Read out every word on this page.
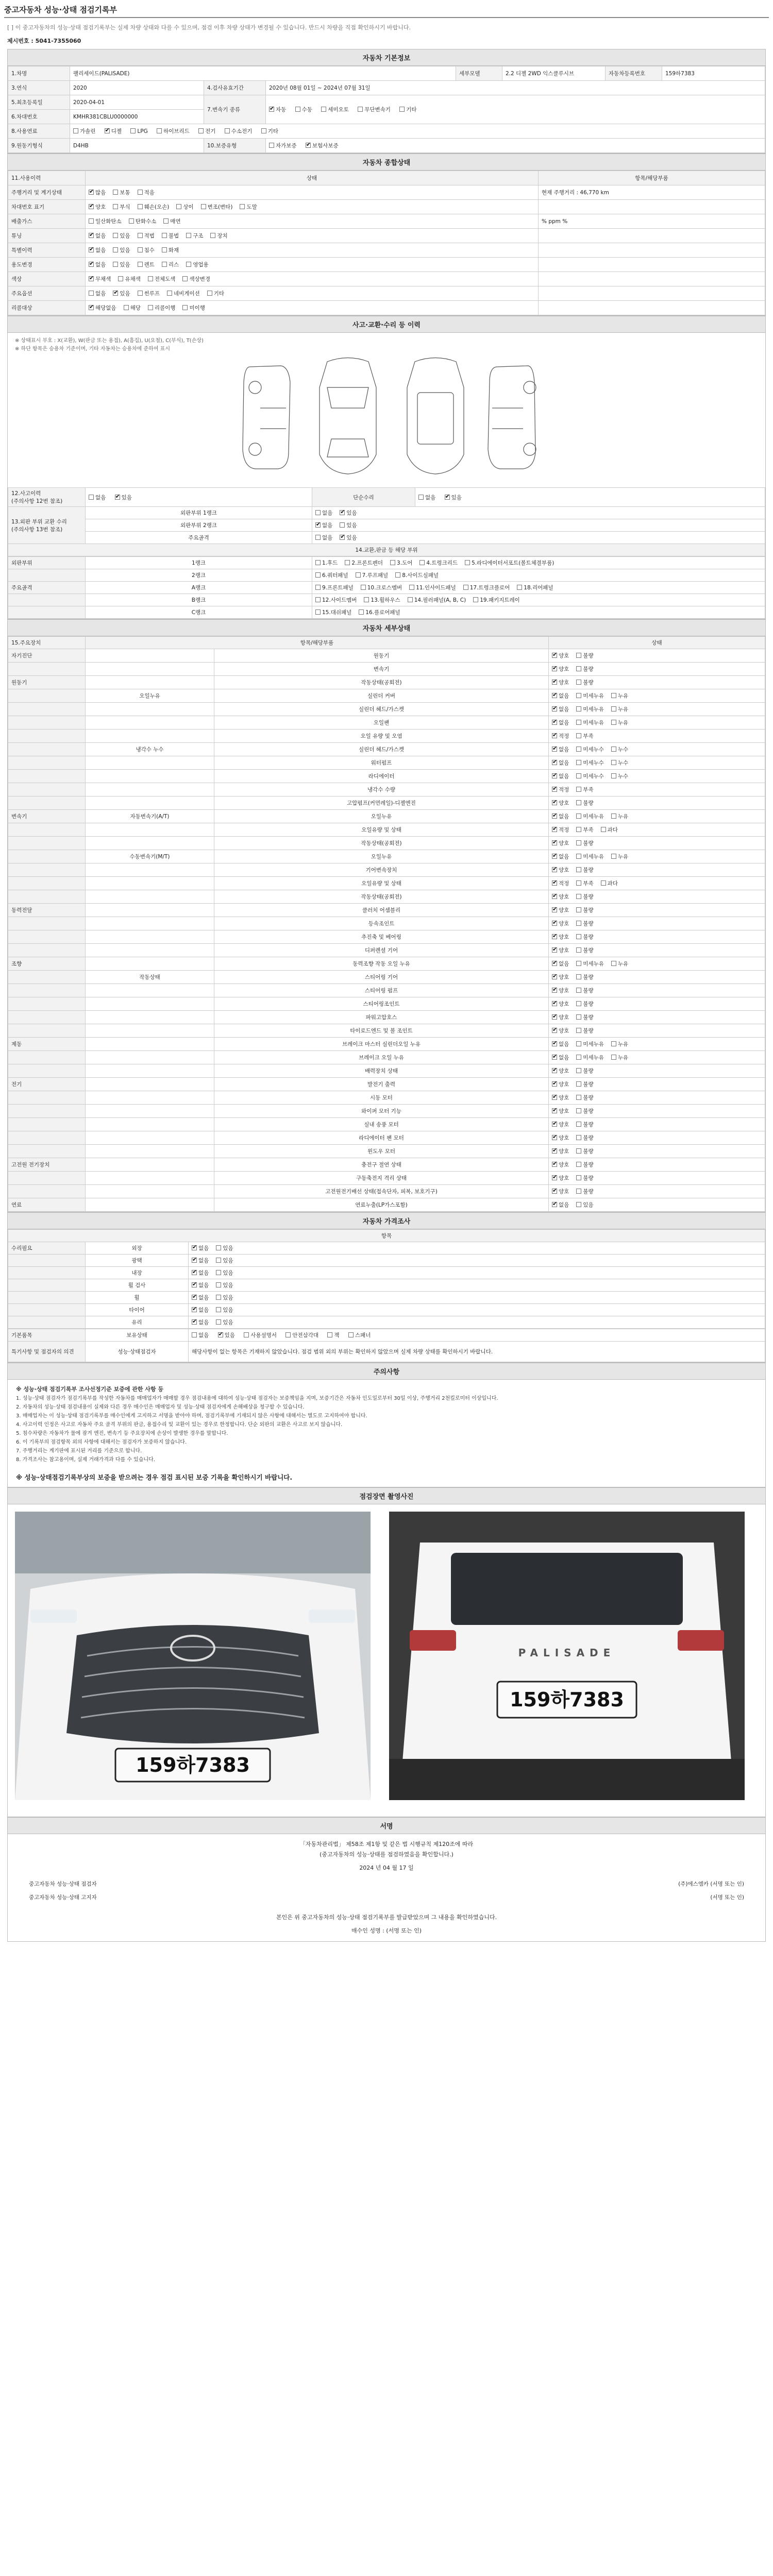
중고자동차 성능·상태 점검기록부
[ ] 이 중고자동차의 성능·상태 점검기록부는 실제 차량 상태와 다를 수 있으며, 점검 이후 차량 상태가 변경될 수 있습니다. 반드시 차량을 직접 확인하시기 바랍니다.
제시번호 : 5041-7355060
자동차 기본정보
1.차명	팰리세이드(PALISADE)			세부모델	2.2 디젤 2WD 익스클루시브	자동차등록번호	159하7383
3.연식	2020	4.검사유효기간	2020년 08월 01일 ~ 2024년 07월 31일				
5.최초등록일	2020-04-01	7.변속기 종류	✔자동 수동 세미오토 무단변속기 기타
6.차대번호	KMHR381CBLU0000000						
8.사용연료	가솔린 ✔ 디젤 LPG 하이브리드 전기 수소전기 기타
9.원동기형식	D4HB	10.보증유형	자가보증 ✔ 보험사보증
자동차 종합상태
11.사용이력	상태	항목/해당부품
주행거리 및 계기상태	✔많음 보통 적음	현재 주행거리 : 46,770 km
차대번호 표기	✔양호 부식 훼손(오손) 상이 변조(변타) 도말	
배출가스	일산화탄소 탄화수소 매연	% ppm %
튜닝	✔없음 있음 적법 불법 구조 장치	
특별이력	✔없음 있음 침수 화재	
용도변경	✔없음 있음 렌트 리스 영업용	
색상	✔무채색 유채색 전체도색 색상변경	
주요옵션	없음 ✔ 있음 썬루프 네비게이션 기타	
리콜대상	✔해당없음 해당 리콜이행 미이행	
사고·교환·수리 등 이력
※ 상태표시 부호 : X(교환), W(판금 또는 용접), A(흠집), U(요철), C(부식), T(손상)
※ 하단 항목은 승용차 기준이며, 기타 자동차는 승용차에 준하여 표시
12.사고이력
(주의사항 12번 참조)	없음 ✔ 있음	단순수리	없음 ✔ 있음
13.외판 부위 교환 수리
(주의사항 13번 참조)	외판부위 1랭크	없음 ✔ 있음
	외판부위 2랭크	✔없음 있음
	주요골격	없음 ✔ 있음
14.교환,판금 등 해당 부위			
외판부위	1랭크	1.후드 2.프론트펜더 3.도어 4.트렁크리드 5.라디에이터서포트(볼트체결부품)
	2랭크	6.쿼터패널 7.루프패널 8.사이드실패널
주요골격	A랭크	9.프론트패널 10.크로스멤버 11.인사이드패널 17.트렁크플로어 18.리어패널
	B랭크	12.사이드멤버 13.휠하우스 14.필러패널(A, B, C) 19.패키지트레이
	C랭크	15.대쉬패널 16.플로어패널
자동차 세부상태
15.주요장치	항목/해당부품		상태
자기진단		원동기	✔양호 불량
		변속기	✔양호 불량
원동기		작동상태(공회전)	✔양호 불량
	오일누유	실린더 커버	✔없음 미세누유 누유
		실린더 헤드/가스켓	✔없음 미세누유 누유
		오일팬	✔없음 미세누유 누유
		오일 유량 및 오염	✔적정 부족
	냉각수 누수	실린더 헤드/가스켓	✔없음 미세누수 누수
		워터펌프	✔없음 미세누수 누수
		라디에이터	✔없음 미세누수 누수
		냉각수 수량	✔적정 부족
		고압펌프(커먼레일)-디젤엔진	✔양호 불량
변속기	자동변속기(A/T)	오일누유	✔없음 미세누유 누유
		오일유량 및 상태	✔적정 부족 과다
		작동상태(공회전)	✔양호 불량
	수동변속기(M/T)	오일누유	✔없음 미세누유 누유
		기어변속장치	✔양호 불량
		오일유량 및 상태	✔적정 부족 과다
		작동상태(공회전)	✔양호 불량
동력전달		클러치 어셈블리	✔양호 불량
		등속조인트	✔양호 불량
		추진축 및 베어링	✔양호 불량
		디퍼렌셜 기어	✔양호 불량
조향		동력조향 작동 오일 누유	✔없음 미세누유 누유
	작동상태	스티어링 기어	✔양호 불량
		스티어링 펌프	✔양호 불량
		스티어링조인트	✔양호 불량
		파워고압호스	✔양호 불량
		타이로드엔드 및 볼 조인트	✔양호 불량
제동		브레이크 마스터 실린더오일 누유	✔없음 미세누유 누유
		브레이크 오일 누유	✔없음 미세누유 누유
		배력장치 상태	✔양호 불량
전기		발전기 출력	✔양호 불량
		시동 모터	✔양호 불량
		와이퍼 모터 기능	✔양호 불량
		실내 송풍 모터	✔양호 불량
		라디에이터 팬 모터	✔양호 불량
		윈도우 모터	✔양호 불량
고전원 전기장치		충전구 절연 상태	✔양호 불량
		구동축전지 격리 상태	✔양호 불량
		고전원전기배선 상태(접속단자, 피복, 보호기구)	✔양호 불량
연료		연료누출(LP가스포함)	✔없음 있음
자동차 가격조사
항목		
수리필요	외장	✔없음 있음
	광택	✔없음 있음
	내장	✔없음 있음
	휠 검사	✔없음 있음
	휠	✔없음 있음
	타이어	✔없음 있음
	유리	✔없음 있음
기본품목	보유상태	없음 ✔ 있음 사용설명서 안전삼각대 잭 스패너
특기사항 및 점검자의 의견	성능·상태점검자	해당사항이 없는 항목은 기재하지 않았습니다. 점검 범위 외의 부위는 확인하지 않았으며 실제 차량 상태를 확인하시기 바랍니다.
주의사항
※ 성능·상태 점검기록부 조사선정기준 보증에 관한 사항 등
1. 성능·상태 점검자가 점검기록부를 작성한 자동차를 매매업자가 매매할 경우 점검내용에 대하여 성능·상태 점검자는 보증책임을 지며, 보증기간은 자동차 인도일로부터 30일 이상, 주행거리 2천킬로미터 이상입니다.
2. 자동차의 성능·상태 점검내용이 실제와 다른 경우 매수인은 매매업자 및 성능·상태 점검자에게 손해배상을 청구할 수 있습니다.
3. 매매업자는 이 성능·상태 점검기록부를 매수인에게 고지하고 서명을 받아야 하며, 점검기록부에 기재되지 않은 사항에 대해서는 별도로 고지하여야 합니다.
4. 사고이력 인정은 사고로 자동차 주요 골격 부위의 판금, 용접수리 및 교환이 있는 경우로 한정합니다. 단순 외판의 교환은 사고로 보지 않습니다.
5. 침수차량은 자동차가 물에 잠겨 엔진, 변속기 등 주요장치에 손상이 발생한 경우를 말합니다.
6. 이 기록부의 점검항목 외의 사항에 대해서는 점검자가 보증하지 않습니다.
7. 주행거리는 계기판에 표시된 거리를 기준으로 합니다.
8. 가격조사는 참고용이며, 실제 거래가격과 다를 수 있습니다.
※ 성능·상태점검기록부상의 보증을 받으려는 경우 점검 표시된 보증 기록을 확인하시기 바랍니다.
점검장면 촬영사진
159하7383
PALISADE
159하7383
서명
「자동차관리법」 제58조 제1항 및 같은 법 시행규칙 제120조에 따라
(중고자동차의 성능·상태를 점검하였음을 확인합니다.)
2024 년 04 월 17 일
중고자동차 성능·상태 점검자	(주)에스엠카 (서명 또는 인)
중고자동차 성능·상태 고지자	(서명 또는 인)
본인은 위 중고자동차의 성능·상태 점검기록부를 발급받았으며 그 내용을 확인하였습니다.
매수인 성명 : (서명 또는 인)
